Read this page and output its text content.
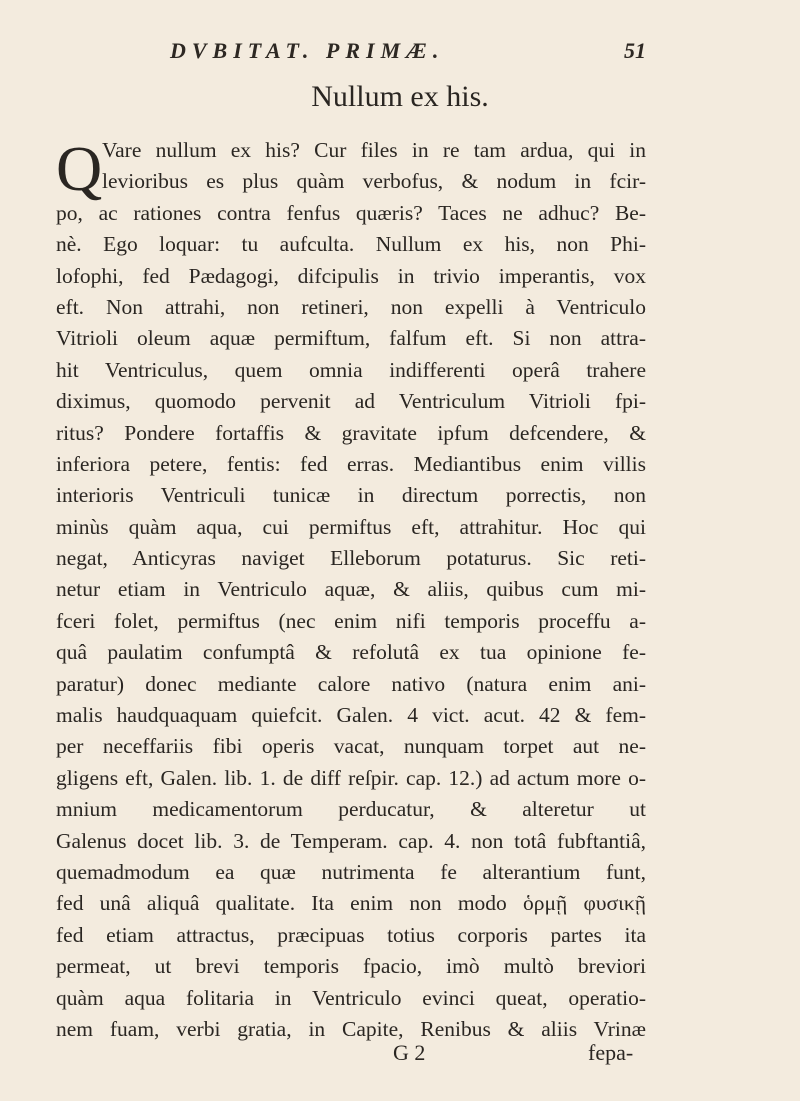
DVBITAT. PRIMÆ.	51
Nullum ex his.
Q Vare nullum ex his? Cur files in re tam ardua, qui in
levioribus es plus quàm verbofus, & nodum in fcir-
po, ac rationes contra fenfus quæris? Taces ne adhuc? Be-
nè. Ego loquar: tu aufculta. Nullum ex his, non Phi-
lofophi, fed Pædagogi, difcipulis in trivio imperantis, vox
eft. Non attrahi, non retineri, non expelli à Ventriculo
Vitrioli oleum aquæ permiftum, falfum eft. Si non attra-
hit Ventriculus, quem omnia indifferenti operâ trahere
diximus, quomodo pervenit ad Ventriculum Vitrioli fpi-
ritus? Pondere fortaffis & gravitate ipfum defcendere, &
inferiora petere, fentis: fed erras. Mediantibus enim villis
interioris Ventriculi tunicæ in directum porrectis, non
minùs quàm aqua, cui permiftus eft, attrahitur. Hoc qui
negat, Anticyras naviget Elleborum potaturus. Sic reti-
netur etiam in Ventriculo aquæ, & aliis, quibus cum mi-
fceri folet, permiftus (nec enim nifi temporis proceffu a-
quâ paulatim confumptâ & refolutâ ex tua opinione fe-
paratur) donec mediante calore nativo (natura enim ani-
malis haudquaquam quiefcit. Galen. 4 vict. acut. 42 & fem-
per neceffariis fibi operis vacat, nunquam torpet aut ne-
gligens eft, Galen. lib. 1. de diff reſpir. cap. 12.) ad actum more o-
mnium medicamentorum perducatur, & alteretur ut
Galenus docet lib. 3. de Temperam. cap. 4. non totâ fubftantiâ,
quemadmodum ea quæ nutrimenta fe alterantium funt,
fed unâ aliquâ qualitate. Ita enim non modo ὁρμῇ φυσικῇ
fed etiam attractus, præcipuas totius corporis partes ita
permeat, ut brevi temporis fpacio, imò multò breviori
quàm aqua folitaria in Ventriculo evinci queat, operatio-
nem fuam, verbi gratia, in Capite, Renibus & aliis Vrinæ
G 2	fepa-
